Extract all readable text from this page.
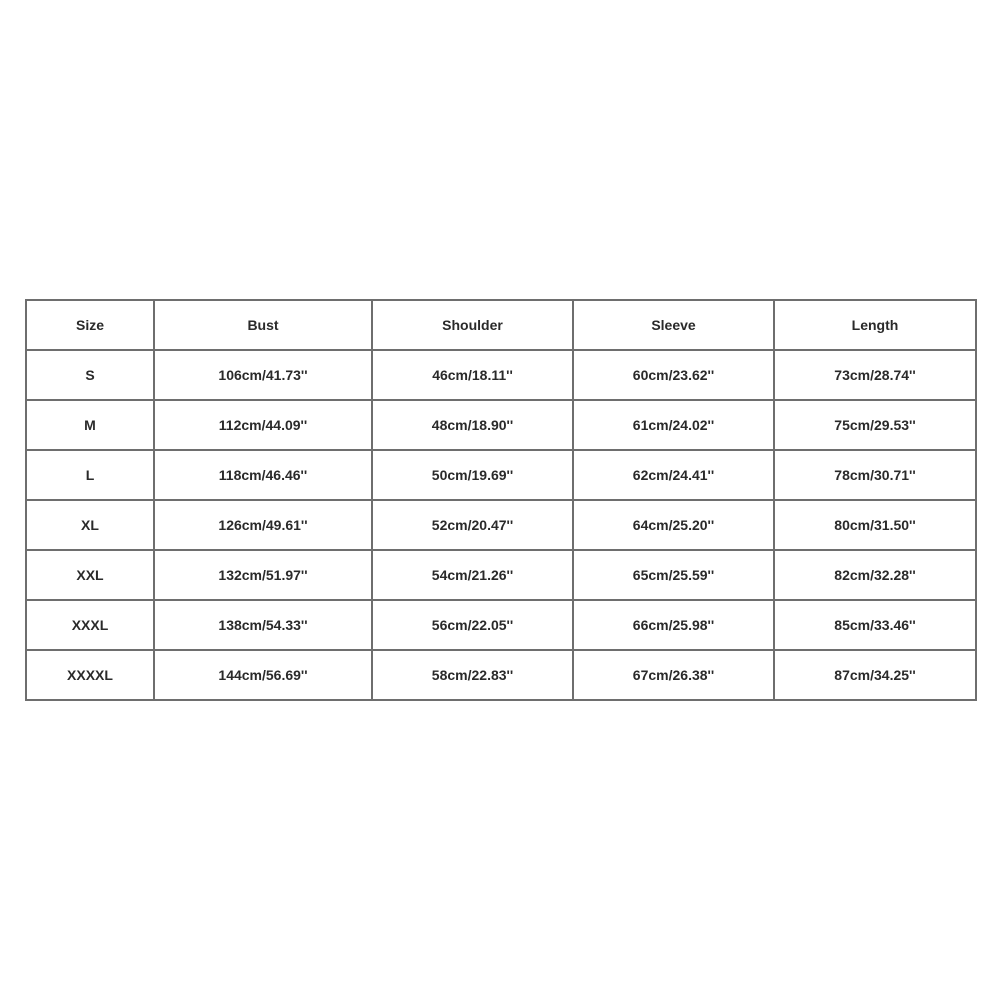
Size	Bust	Shoulder	Sleeve	Length
S	106cm/41.73''	46cm/18.11''	60cm/23.62''	73cm/28.74''
M	112cm/44.09''	48cm/18.90''	61cm/24.02''	75cm/29.53''
L	118cm/46.46''	50cm/19.69''	62cm/24.41''	78cm/30.71''
XL	126cm/49.61''	52cm/20.47''	64cm/25.20''	80cm/31.50''
XXL	132cm/51.97''	54cm/21.26''	65cm/25.59''	82cm/32.28''
XXXL	138cm/54.33''	56cm/22.05''	66cm/25.98''	85cm/33.46''
XXXXL	144cm/56.69''	58cm/22.83''	67cm/26.38''	87cm/34.25''
